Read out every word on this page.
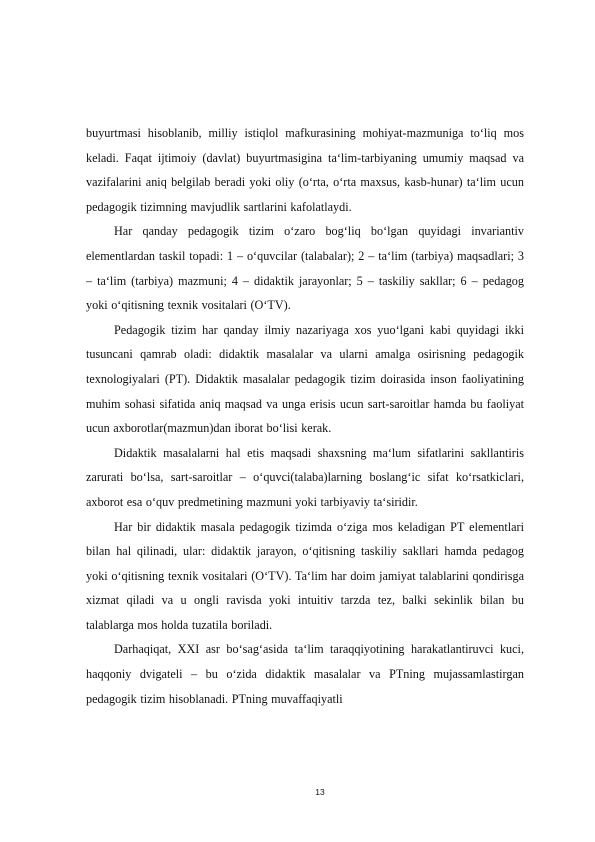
buyurtmasi hisoblanib, milliy istiqlol mafkurasining mohiyat-mazmuniga to‘liq mos keladi. Faqat ijtimoiy (davlat) buyurtmasigina ta‘lim-tarbiyaning umumiy maqsad va vazifalarini aniq belgilab beradi yoki oliy (o‘rta, o‘rta maxsus, kasb-hunar) ta‘lim ucun pedagogik tizimning mavjudlik sartlarini kafolatlaydi.

Har qanday pedagogik tizim o‘zaro bog‘liq bo‘lgan quyidagi invariantiv elementlardan taskil topadi: 1 – o‘quvcilar (talabalar); 2 – ta‘lim (tarbiya) maqsadlari; 3 – ta‘lim (tarbiya) mazmuni; 4 – didaktik jarayonlar; 5 – taskiliy sakllar; 6 – pedagog yoki o‘qitisning texnik vositalari (O‘TV).

Pedagogik tizim har qanday ilmiy nazariyaga xos yuo‘lgani kabi quyidagi ikki tusuncani qamrab oladi: didaktik masalalar va ularni amalga osirisning pedagogik texnologiyalari (PT). Didaktik masalalar pedagogik tizim doirasida inson faoliyatining muhim sohasi sifatida aniq maqsad va unga erisis ucun sart-saroitlar hamda bu faoliyat ucun axborotlar(mazmun)dan iborat bo‘lisi kerak.

Didaktik masalalarni hal etis maqsadi shaxsning ma‘lum sifatlarini sakllantiris zarurati bo‘lsa, sart-saroitlar – o‘quvci(talaba)larning boslang‘ic sifat ko‘rsatkiclari, axborot esa o‘quv predmetining mazmuni yoki tarbiyaviy ta‘siridir.

Har bir didaktik masala pedagogik tizimda o‘ziga mos keladigan PT elementlari bilan hal qilinadi, ular: didaktik jarayon, o‘qitisning taskiliy sakllari hamda pedagog yoki o‘qitisning texnik vositalari (O‘TV). Ta‘lim har doim jamiyat talablarini qondirisga xizmat qiladi va u ongli ravisda yoki intuitiv tarzda tez, balki sekinlik bilan bu talablarga mos holda tuzatila boriladi.

Darhaqiqat, XXI asr bo‘sag‘asida ta‘lim taraqqiyotining harakatlantiruvci kuci, haqqoniy dvigateli – bu o‘zida didaktik masalalar va PTning mujassamlastirgan pedagogik tizim hisoblanadi. PTning muvaffaqiyatli

13
